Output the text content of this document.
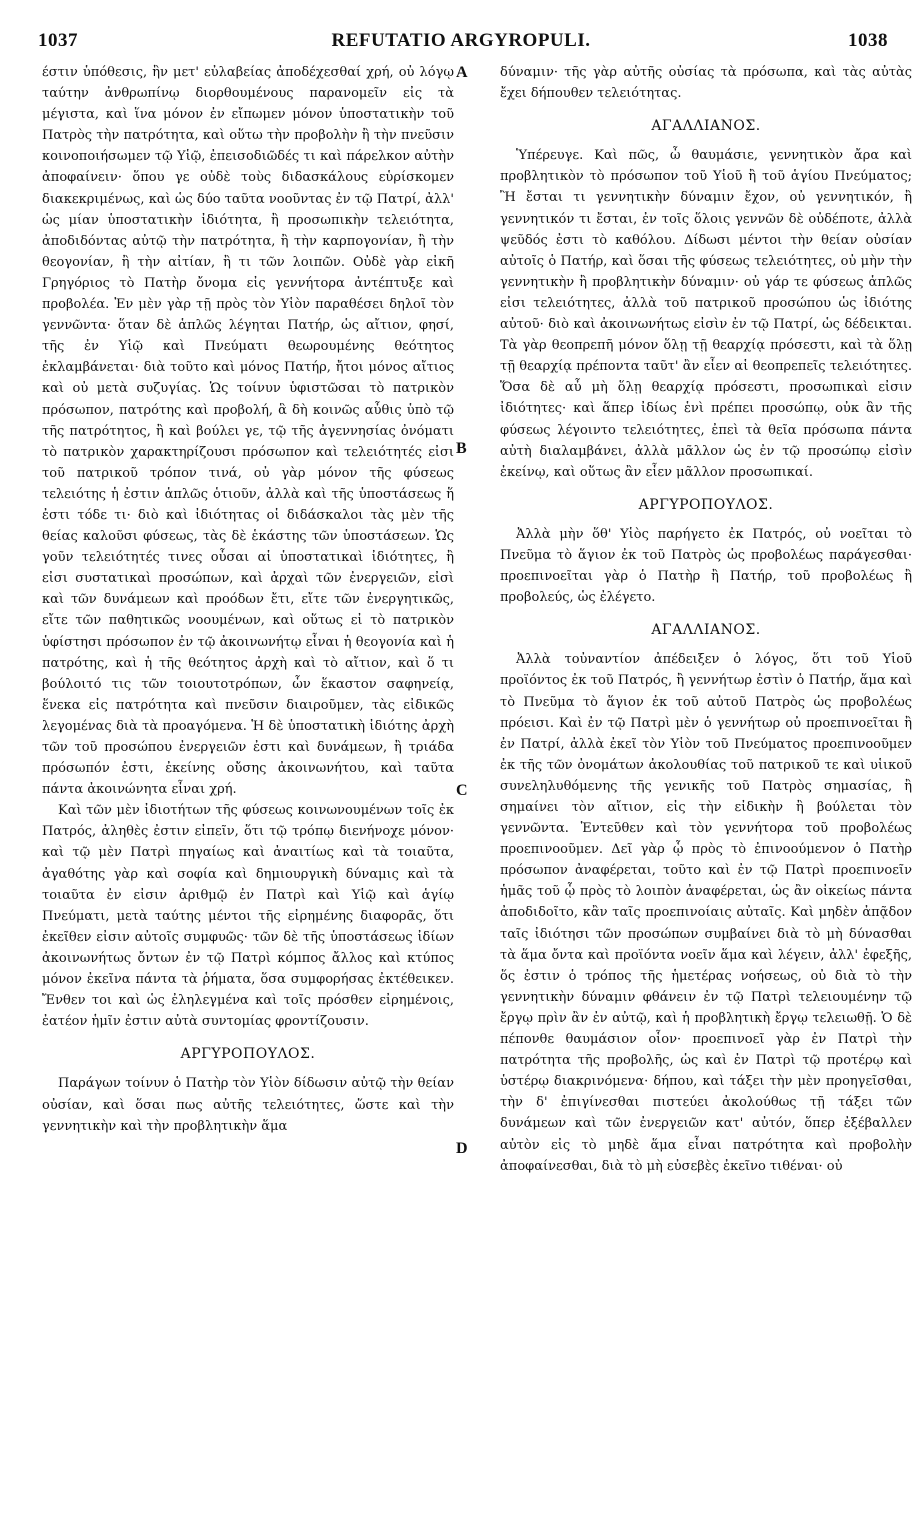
1037	REFUTATIO ARGYROPULI.	1038

έστιν ὑπόθεσις, ἣν μετ' εὐλαβείας ἀποδέχεσθαί χρή, οὐ λόγῳ ταύτην ἀνθρωπίνῳ διορθουμένους παρανομεῖν εἰς τὰ μέγιστα, καὶ ἵνα μόνον ἐν εἴπωμεν μόνον ὑποστατικὴν τοῦ Πατρὸς τὴν πατρότητα, καὶ οὕτω τὴν προβολὴν ἢ τὴν πνεῦσιν κοινοποιήσωμεν τῷ Υἱῷ, ἐπεισοδιῶδές τι καὶ πάρελκον αὐτὴν ἀποφαίνειν· ὅπου γε οὐδὲ τοὺς διδασκάλους εὑρίσκομεν διακεκριμένως, καὶ ὡς δύο ταῦτα νοοῦντας ἐν τῷ Πατρί, ἀλλ' ὡς μίαν ὑποστατικὴν ἰδιότητα, ἢ προσωπικὴν τελειότητα, ἀποδιδόντας αὐτῷ τὴν πατρότητα, ἢ τὴν καρπογονίαν, ἢ τὴν θεογονίαν, ἢ τὴν αἰτίαν, ἢ τι τῶν λοιπῶν. Οὐδὲ γὰρ εἰκῆ Γρηγόριος τὸ Πατὴρ ὄνομα εἰς γεννήτορα ἀντέπτυξε καὶ προβολέα. Ἐν μὲν γὰρ τῇ πρὸς τὸν Υἱὸν παραθέσει δηλοῖ τὸν γεννῶντα· ὅταν δὲ ἁπλῶς λέγηται Πατήρ, ὡς αἴτιον, φησί, τῆς ἐν Υἱῷ καὶ Πνεύματι θεωρουμένης θεότητος ἐκλαμβάνεται· διὰ τοῦτο καὶ μόνος Πατήρ, ἤτοι μόνος αἴτιος καὶ οὐ μετὰ συζυγίας. Ὡς τοίνυν ὑφιστῶσαι τὸ πατρικὸν πρόσωπον, πατρότης καὶ προβολή, ἃ δὴ κοινῶς αὖθις ὑπὸ τῷ τῆς πατρότητος, ἢ καὶ βούλει γε, τῷ τῆς ἀγεννησίας ὀνόματι τὸ πατρικὸν χαρακτηρίζουσι πρόσωπον καὶ τελειότητές εἰσι τοῦ πατρικοῦ τρόπον τινά, οὐ γὰρ μόνον τῆς φύσεως τελειότης ἡ ἐστιν ἁπλῶς ὁτιοῦν, ἀλλὰ καὶ τῆς ὑποστάσεως ἥ ἐστι τόδε τι· διὸ καὶ ἰδιότητας οἱ διδάσκαλοι τὰς μὲν τῆς θείας καλοῦσι φύσεως, τὰς δὲ ἑκάστης τῶν ὑποστάσεων. Ὡς γοῦν τελειότητές τινες οὖσαι αἱ ὑποστατικαὶ ἰδιότητες, ἢ εἰσι συστατικαὶ προσώπων, καὶ ἀρχαὶ τῶν ἐνεργειῶν, εἰσὶ καὶ τῶν δυνάμεων καὶ προόδων ἔτι, εἴτε τῶν ἐνεργητικῶς, εἴτε τῶν παθητικῶς νοουμένων, καὶ οὕτως εἰ τὸ πατρικὸν ὑφίστησι πρόσωπον ἐν τῷ ἀκοινωνήτῳ εἶναι ἡ θεογονία καὶ ἡ πατρότης, καὶ ἡ τῆς θεότητος ἀρχὴ καὶ τὸ αἴτιον, καὶ ὅ τι βούλοιτό τις τῶν τοιουτοτρόπων, ὧν ἕκαστον σαφηνείᾳ, ἕνεκα εἰς πατρότητα καὶ πνεῦσιν διαιροῦμεν, τὰς εἰδικῶς λεγομένας διὰ τὰ προαγόμενα. Ἡ δὲ ὑποστατικὴ ἰδιότης ἀρχὴ τῶν τοῦ προσώπου ἐνεργειῶν ἐστι καὶ δυνάμεων, ἢ τριάδα πρόσωπόν ἐστι, ἐκείνης οὔσης ἀκοινωνήτου, καὶ ταῦτα πάντα ἀκοινώνητα εἶναι χρή.

Καὶ τῶν μὲν ἰδιοτήτων τῆς φύσεως κοινωνουμένων τοῖς ἐκ Πατρός, ἀληθὲς ἐστιν εἰπεῖν, ὅτι τῷ τρόπῳ διενήνοχε μόνον· καὶ τῷ μὲν Πατρὶ πηγαίως καὶ ἀναιτίως καὶ τὰ τοιαῦτα, ἀγαθότης γὰρ καὶ σοφία καὶ δημιουργικὴ δύναμις καὶ τὰ τοιαῦτα ἐν εἰσιν ἀριθμῷ ἐν Πατρὶ καὶ Υἱῷ καὶ ἁγίῳ Πνεύματι, μετὰ ταύτης μέντοι τῆς εἰρημένης διαφορᾶς, ὅτι ἐκεῖθεν εἰσιν αὐτοῖς συμφυῶς· τῶν δὲ τῆς ὑποστάσεως ἰδίων ἀκοινωνήτως ὄντων ἐν τῷ Πατρὶ κόμπος ἄλλος καὶ κτύπος μόνον ἐκεῖνα πάντα τὰ ῥήματα, ὅσα συμφορήσας ἐκτέθεικεν. Ἔνθεν τοι καὶ ὡς ἐληλεγμένα καὶ τοῖς πρόσθεν εἰρημένοις, ἐατέον ἡμῖν ἐστιν αὐτὰ συντομίας φροντίζουσιν.

ΑΡΓΥΡΟΠΟΥΛΟΣ.

Παράγων τοίνυν ὁ Πατὴρ τὸν Υἱὸν δίδωσιν αὐτῷ τὴν θείαν οὐσίαν, καὶ ὅσαι πως αὐτῆς τελειότητες, ὥστε καὶ τὴν γεννητικὴν καὶ τὴν προβλητικὴν ἅμα

A
B
C
D

δύναμιν· τῆς γὰρ αὐτῆς οὐσίας τὰ πρόσωπα, καὶ τὰς αὐτὰς ἔχει δήπουθεν τελειότητας.

ΑΓΑΛΛΙΑΝΟΣ.

Ὑπέρευγε. Καὶ πῶς, ὦ θαυμάσιε, γεννητικὸν ἄρα καὶ προβλητικὸν τὸ πρόσωπον τοῦ Υἱοῦ ἢ τοῦ ἁγίου Πνεύματος; Ἢ ἔσται τι γεννητικὴν δύναμιν ἔχον, οὐ γεννητικόν, ἢ γεννητικόν τι ἔσται, ἐν τοῖς ὅλοις γεννῶν δὲ οὐδέποτε, ἀλλὰ ψεῦδός ἐστι τὸ καθόλου. Δίδωσι μέντοι τὴν θείαν οὐσίαν αὐτοῖς ὁ Πατήρ, καὶ ὅσαι τῆς φύσεως τελειότητες, οὐ μὴν τὴν γεννητικὴν ἢ προβλητικὴν δύναμιν· οὐ γάρ τε φύσεως ἁπλῶς εἰσι τελειότητες, ἀλλὰ τοῦ πατρικοῦ προσώπου ὡς ἰδιότης αὐτοῦ· διὸ καὶ ἀκοινωνήτως εἰσὶν ἐν τῷ Πατρί, ὡς δέδεικται. Τὰ γὰρ θεοπρεπῆ μόνον ὅλῃ τῇ θεαρχίᾳ πρόσεστι, καὶ τὰ ὅλῃ τῇ θεαρχίᾳ πρέποντα ταῦτ' ἂν εἶεν αἱ θεοπρεπεῖς τελειότητες. Ὅσα δὲ αὖ μὴ ὅλῃ θεαρχίᾳ πρόσεστι, προσωπικαὶ εἰσιν ἰδιότητες· καὶ ἅπερ ἰδίως ἑνὶ πρέπει προσώπῳ, οὐκ ἂν τῆς φύσεως λέγοιντο τελειότητες, ἐπεὶ τὰ θεῖα πρόσωπα πάντα αὐτὴ διαλαμβάνει, ἀλλὰ μᾶλλον ὡς ἐν τῷ προσώπῳ εἰσὶν ἐκείνῳ, καὶ οὕτως ἂν εἶεν μᾶλλον προσωπικαί.

ΑΡΓΥΡΟΠΟΥΛΟΣ.

Ἀλλὰ μὴν ὅθ' Υἱὸς παρήγετο ἐκ Πατρός, οὐ νοεῖται τὸ Πνεῦμα τὸ ἅγιον ἐκ τοῦ Πατρὸς ὡς προβολέως παράγεσθαι· προεπινοεῖται γὰρ ὁ Πατὴρ ἢ Πατήρ, τοῦ προβολέως ἢ προβολεύς, ὡς ἐλέγετο.

ΑΓΑΛΛΙΑΝΟΣ.

Ἀλλὰ τοὐναντίον ἀπέδειξεν ὁ λόγος, ὅτι τοῦ Υἱοῦ προϊόντος ἐκ τοῦ Πατρός, ἢ γεννήτωρ ἐστὶν ὁ Πατήρ, ἅμα καὶ τὸ Πνεῦμα τὸ ἅγιον ἐκ τοῦ αὐτοῦ Πατρὸς ὡς προβολέως πρόεισι. Καὶ ἐν τῷ Πατρὶ μὲν ὁ γεννήτωρ οὐ προεπινοεῖται ἢ ἐν Πατρί, ἀλλὰ ἐκεῖ τὸν Υἱὸν τοῦ Πνεύματος προεπινοοῦμεν ἐκ τῆς τῶν ὀνομάτων ἀκολουθίας τοῦ πατρικοῦ τε καὶ υἱικοῦ συνεληλυθόμενης τῆς γενικῆς τοῦ Πατρὸς σημασίας, ἢ σημαίνει τὸν αἴτιον, εἰς τὴν εἰδικὴν ἢ βούλεται τὸν γεννῶντα. Ἐντεῦθεν καὶ τὸν γεννήτορα τοῦ προβολέως προεπινοοῦμεν. Δεῖ γὰρ ᾧ πρὸς τὸ ἐπινοούμενον ὁ Πατὴρ πρόσωπον ἀναφέρεται, τοῦτο καὶ ἐν τῷ Πατρὶ προεπινοεῖν ἡμᾶς τοῦ ᾧ πρὸς τὸ λοιπὸν ἀναφέρεται, ὡς ἂν οἰκείως πάντα ἀποδιδοῖτο, κἂν ταῖς προεπινοίαις αὐταῖς. Καὶ μηδὲν ἀπᾷδον ταῖς ἰδιότησι τῶν προσώπων συμβαίνει διὰ τὸ μὴ δύνασθαι τὰ ἅμα ὄντα καὶ προϊόντα νοεῖν ἅμα καὶ λέγειν, ἀλλ' ἐφεξῆς, ὅς ἐστιν ὁ τρόπος τῆς ἡμετέρας νοήσεως, οὐ διὰ τὸ τὴν γεννητικὴν δύναμιν φθάνειν ἐν τῷ Πατρὶ τελειουμένην τῷ ἔργῳ πρὶν ἂν ἐν αὐτῷ, καὶ ἡ προβλητικὴ ἔργῳ τελειωθῇ. Ὁ δὲ πέπονθε θαυμάσιον οἷον· προεπινοεῖ γὰρ ἐν Πατρὶ τὴν πατρότητα τῆς προβολῆς, ὡς καὶ ἐν Πατρὶ τῷ προτέρῳ καὶ ὑστέρῳ διακρινόμενα· δήπου, καὶ τάξει τὴν μὲν προηγεῖσθαι, τὴν δ' ἐπιγίνεσθαι πιστεύει ἀκολούθως τῇ τάξει τῶν δυνάμεων καὶ τῶν ἐνεργειῶν κατ' αὐτόν, ὅπερ ἐξέβαλλεν αὐτὸν εἰς τὸ μηδὲ ἅμα εἶναι πατρότητα καὶ προβολὴν ἀποφαίνεσθαι, διὰ τὸ μὴ εὐσεβὲς ἐκεῖνο τιθέναι· οὐ
